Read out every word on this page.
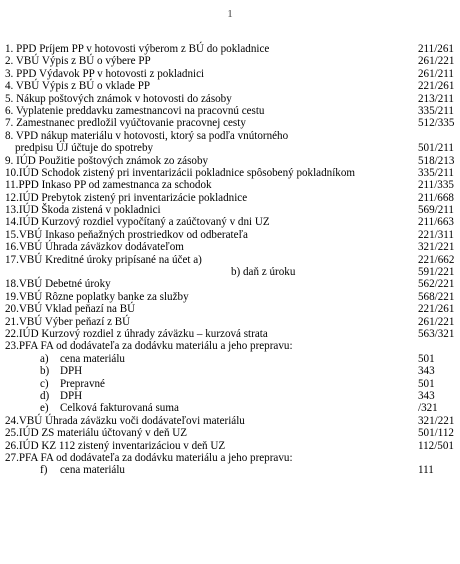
1
1. PPD Príjem PP v hotovosti výberom z BÚ do pokladnice	211/261
2. VBÚ Výpis z BÚ o výbere PP	261/221
3. PPD Výdavok PP v hotovosti z pokladnici	261/211
4. VBÚ Výpis z BÚ o vklade PP	221/261
5. Nákup poštových známok v hotovosti do zásoby	213/211
6. Vyplatenie preddavku zamestnancovi na pracovnú cestu	335/211
7. Zamestnanec predložil vyúčtovanie pracovnej cesty	512/335
8. VPD nákup materiálu v hotovosti, ktorý sa podľa vnútorného
predpisu ÚJ účtuje do spotreby	501/211
9. IÚD Použitie poštových známok zo zásoby	518/213
10.IÚD Schodok zistený pri inventarizácii pokladnice spôsobený pokladníkom	335/211
11.PPD Inkaso PP od zamestnanca za schodok	211/335
12.IÚD Prebytok zistený pri inventarizácie pokladnice	211/668
13.IÚD Škoda zistená v pokladnici	569/211
14.IÚD Kurzový rozdiel vypočítaný a zaúčtovaný v dni UZ	211/663
15.VBÚ Inkaso peňažných prostriedkov od odberateľa	221/311
16.VBÚ Úhrada záväzkov dodávateľom	321/221
17.VBÚ Kreditné úroky pripísané na účet a)	221/662
b) daň z úroku	591/221
18.VBÚ Debetné úroky	562/221
19.VBÚ Rôzne poplatky banke za služby	568/221
20.VBÚ Vklad peňazí na BÚ	221/261
21.VBÚ Výber peňazí z BÚ	261/221
22.IÚD Kurzový rozdiel z úhrady záväzku – kurzová strata	563/321
23.PFA FA od dodávateľa za dodávku materiálu a jeho prepravu:
a) cena materiálu	501
b) DPH	343
c) Prepravné	501
d) DPH	343
e) Celková fakturovaná suma	/321
24.VBÚ Úhrada záväzku voči dodávateľovi materiálu	321/221
25.IÚD ZS materiálu účtovaný v deň UZ	501/112
26.IÚD KZ 112 zistený inventarizáciou v deň UZ	112/501
27.PFA FA od dodávateľa za dodávku materiálu a jeho prepravu:
f) cena materiálu	111
